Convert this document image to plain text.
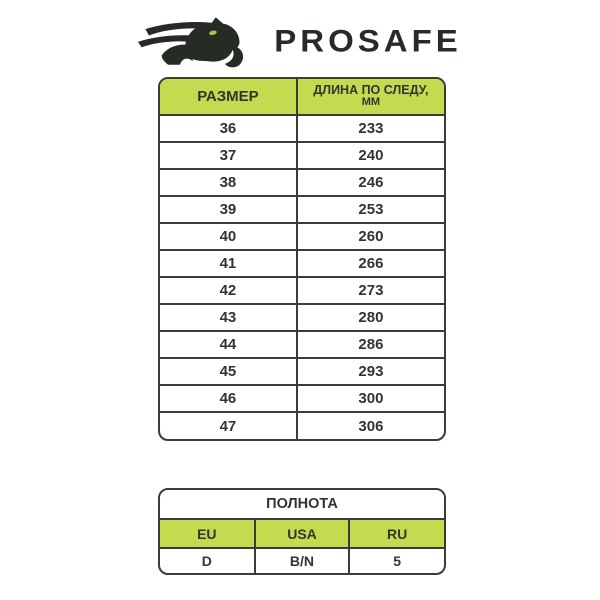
PROSAFE
РАЗМЕР	ДЛИНА ПО СЛЕДУ,
ММ

36	233
37	240
38	246
39	253
40	260
41	266
42	273
43	280
44	286
45	293
46	300
47	306
ПОЛНОТА		
EU	USA	RU
D	B/N	5
